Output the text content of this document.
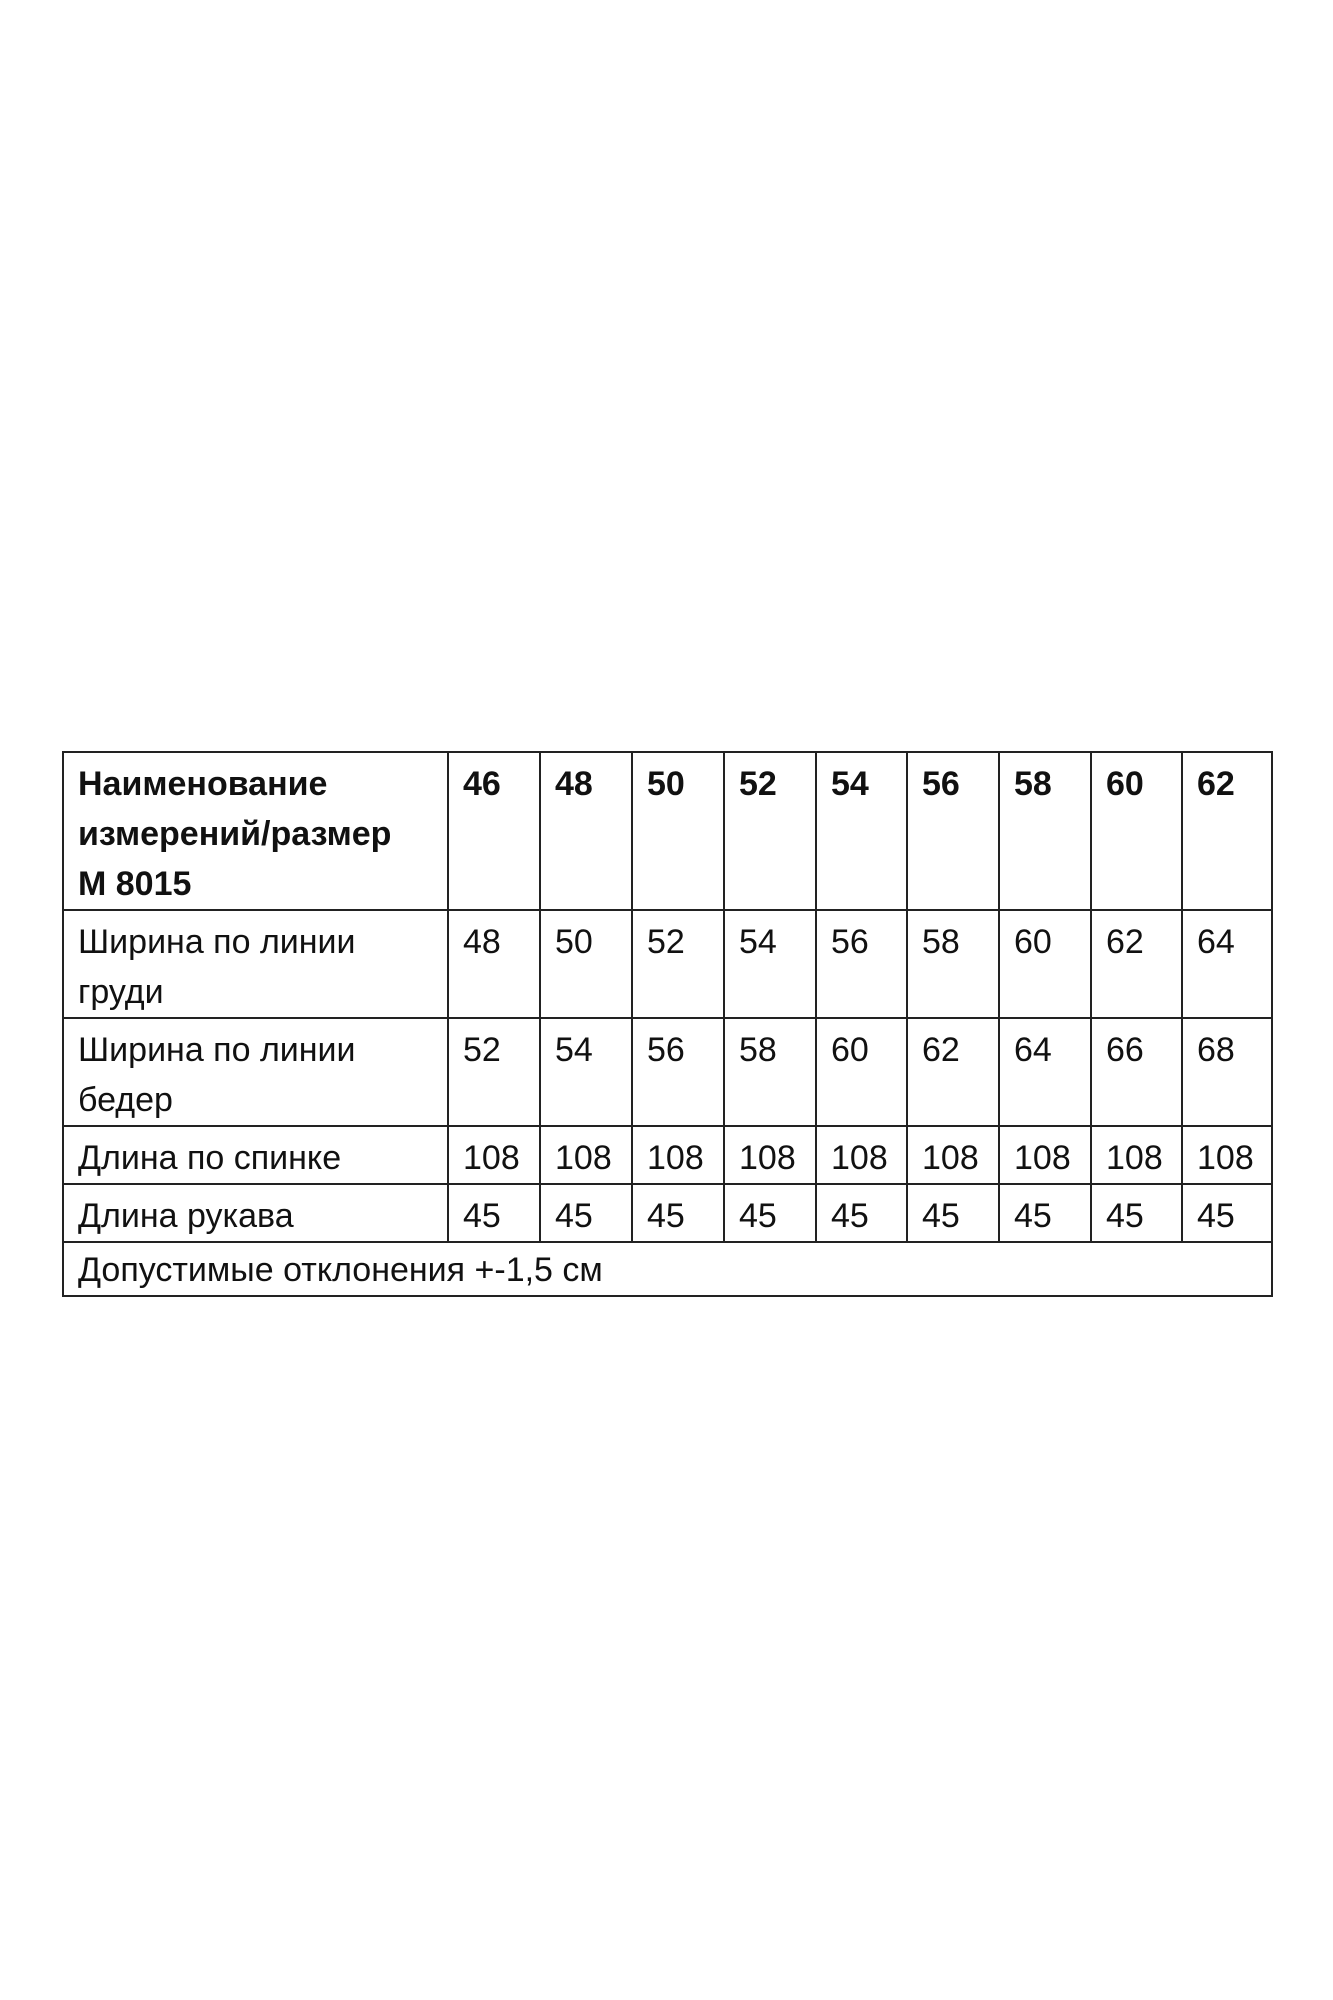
Наименование
измерений/размер
М 8015	46	48	50	52	54	56	58	60	62

Ширина по линии
груди	48	50	52	54	56	58	60	62	64

Ширина по линии
бедер	52	54	56	58	60	62	64	66	68

Длина по спинке	108	108	108	108	108	108	108	108	108

Длина рукава	45	45	45	45	45	45	45	45	45
Допустимые отклонения +-1,5 см									
